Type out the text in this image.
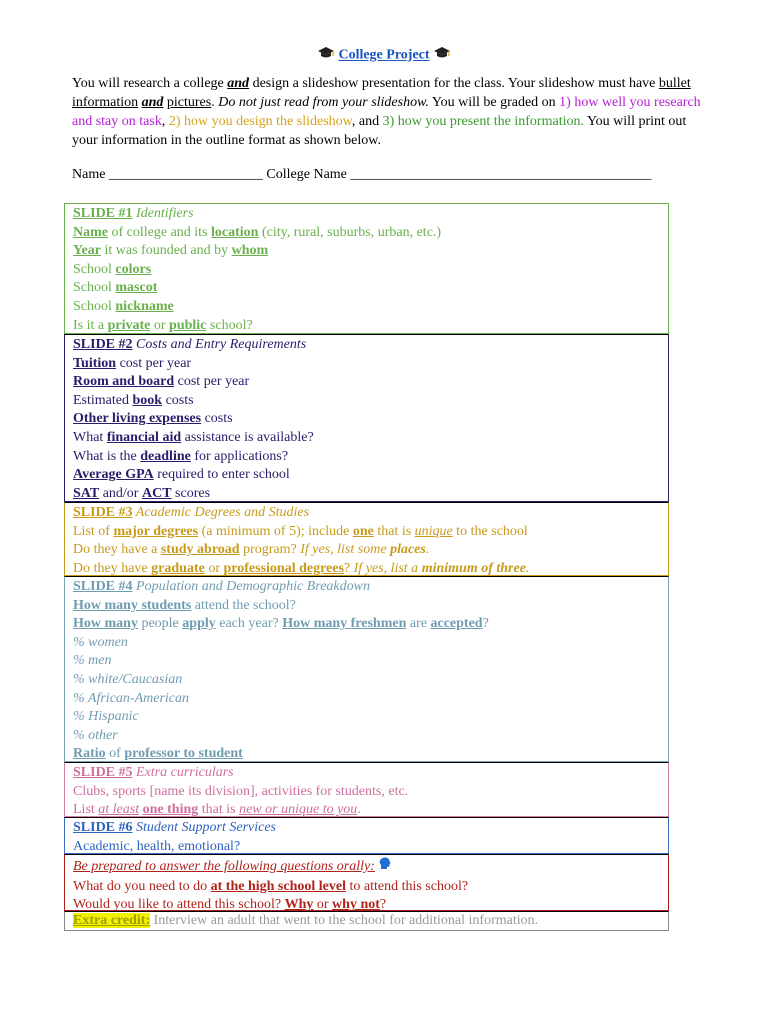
College Project
You will research a college and design a slideshow presentation for the class. Your slideshow must have bullet information and pictures. Do not just read from your slideshow. You will be graded on 1) how well you research and stay on task, 2) how you design the slideshow, and 3) how you present the information. You will print out your information in the outline format as shown below.
Name ______________________ College Name ___________________________________________
SLIDE #1 Identifiers
Name of college and its location (city, rural, suburbs, urban, etc.)
Year it was founded and by whom
School colors
School mascot
School nickname
Is it a private or public school?
SLIDE #2 Costs and Entry Requirements
Tuition cost per year
Room and board cost per year
Estimated book costs
Other living expenses costs
What financial aid assistance is available?
What is the deadline for applications?
Average GPA required to enter school
SAT and/or ACT scores
SLIDE #3 Academic Degrees and Studies
List of major degrees (a minimum of 5); include one that is unique to the school
Do they have a study abroad program? If yes, list some places.
Do they have graduate or professional degrees? If yes, list a minimum of three.
SLIDE #4 Population and Demographic Breakdown
How many students attend the school?
How many people apply each year? How many freshmen are accepted?
% women
% men
% white/Caucasian
% African-American
% Hispanic
% other
Ratio of professor to student
SLIDE #5 Extra curriculars
Clubs, sports [name its division], activities for students, etc.
List at least one thing that is new or unique to you.
SLIDE #6 Student Support Services
Academic, health, emotional?
Be prepared to answer the following questions orally:
What do you need to do at the high school level to attend this school?
Would you like to attend this school? Why or why not?
Extra credit: Interview an adult that went to the school for additional information.
